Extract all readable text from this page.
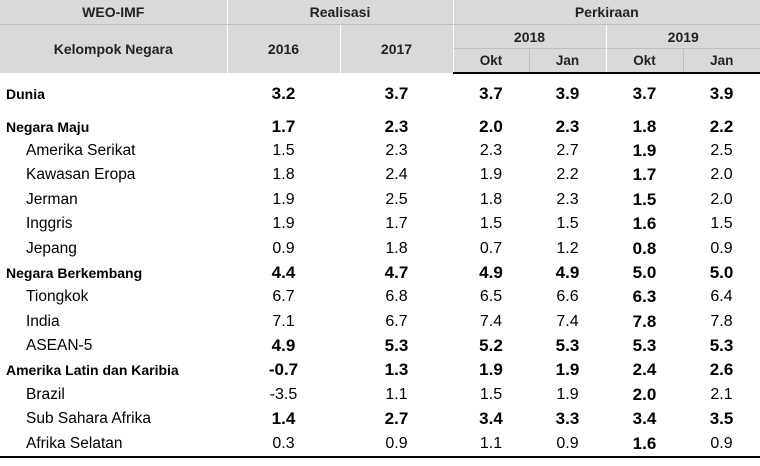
WEO-IMF	Realisasi		Perkiraan			
Kelompok Negara	2016	2017	2018		2019	
			Okt	Jan	Okt	Jan

Dunia	3.2	3.7	3.7	3.9	3.7	3.9

Negara Maju	1.7	2.3	2.0	2.3	1.8	2.2
Amerika Serikat	1.5	2.3	2.3	2.7	1.9	2.5
Kawasan Eropa	1.8	2.4	1.9	2.2	1.7	2.0
Jerman	1.9	2.5	1.8	2.3	1.5	2.0
Inggris	1.9	1.7	1.5	1.5	1.6	1.5
Jepang	0.9	1.8	0.7	1.2	0.8	0.9
Negara Berkembang	4.4	4.7	4.9	4.9	5.0	5.0
Tiongkok	6.7	6.8	6.5	6.6	6.3	6.4
India	7.1	6.7	7.4	7.4	7.8	7.8
ASEAN-5	4.9	5.3	5.2	5.3	5.3	5.3
Amerika Latin dan Karibia	-0.7	1.3	1.9	1.9	2.4	2.6
Brazil	-3.5	1.1	1.5	1.9	2.0	2.1
Sub Sahara Afrika	1.4	2.7	3.4	3.3	3.4	3.5
Afrika Selatan	0.3	0.9	1.1	0.9	1.6	0.9
